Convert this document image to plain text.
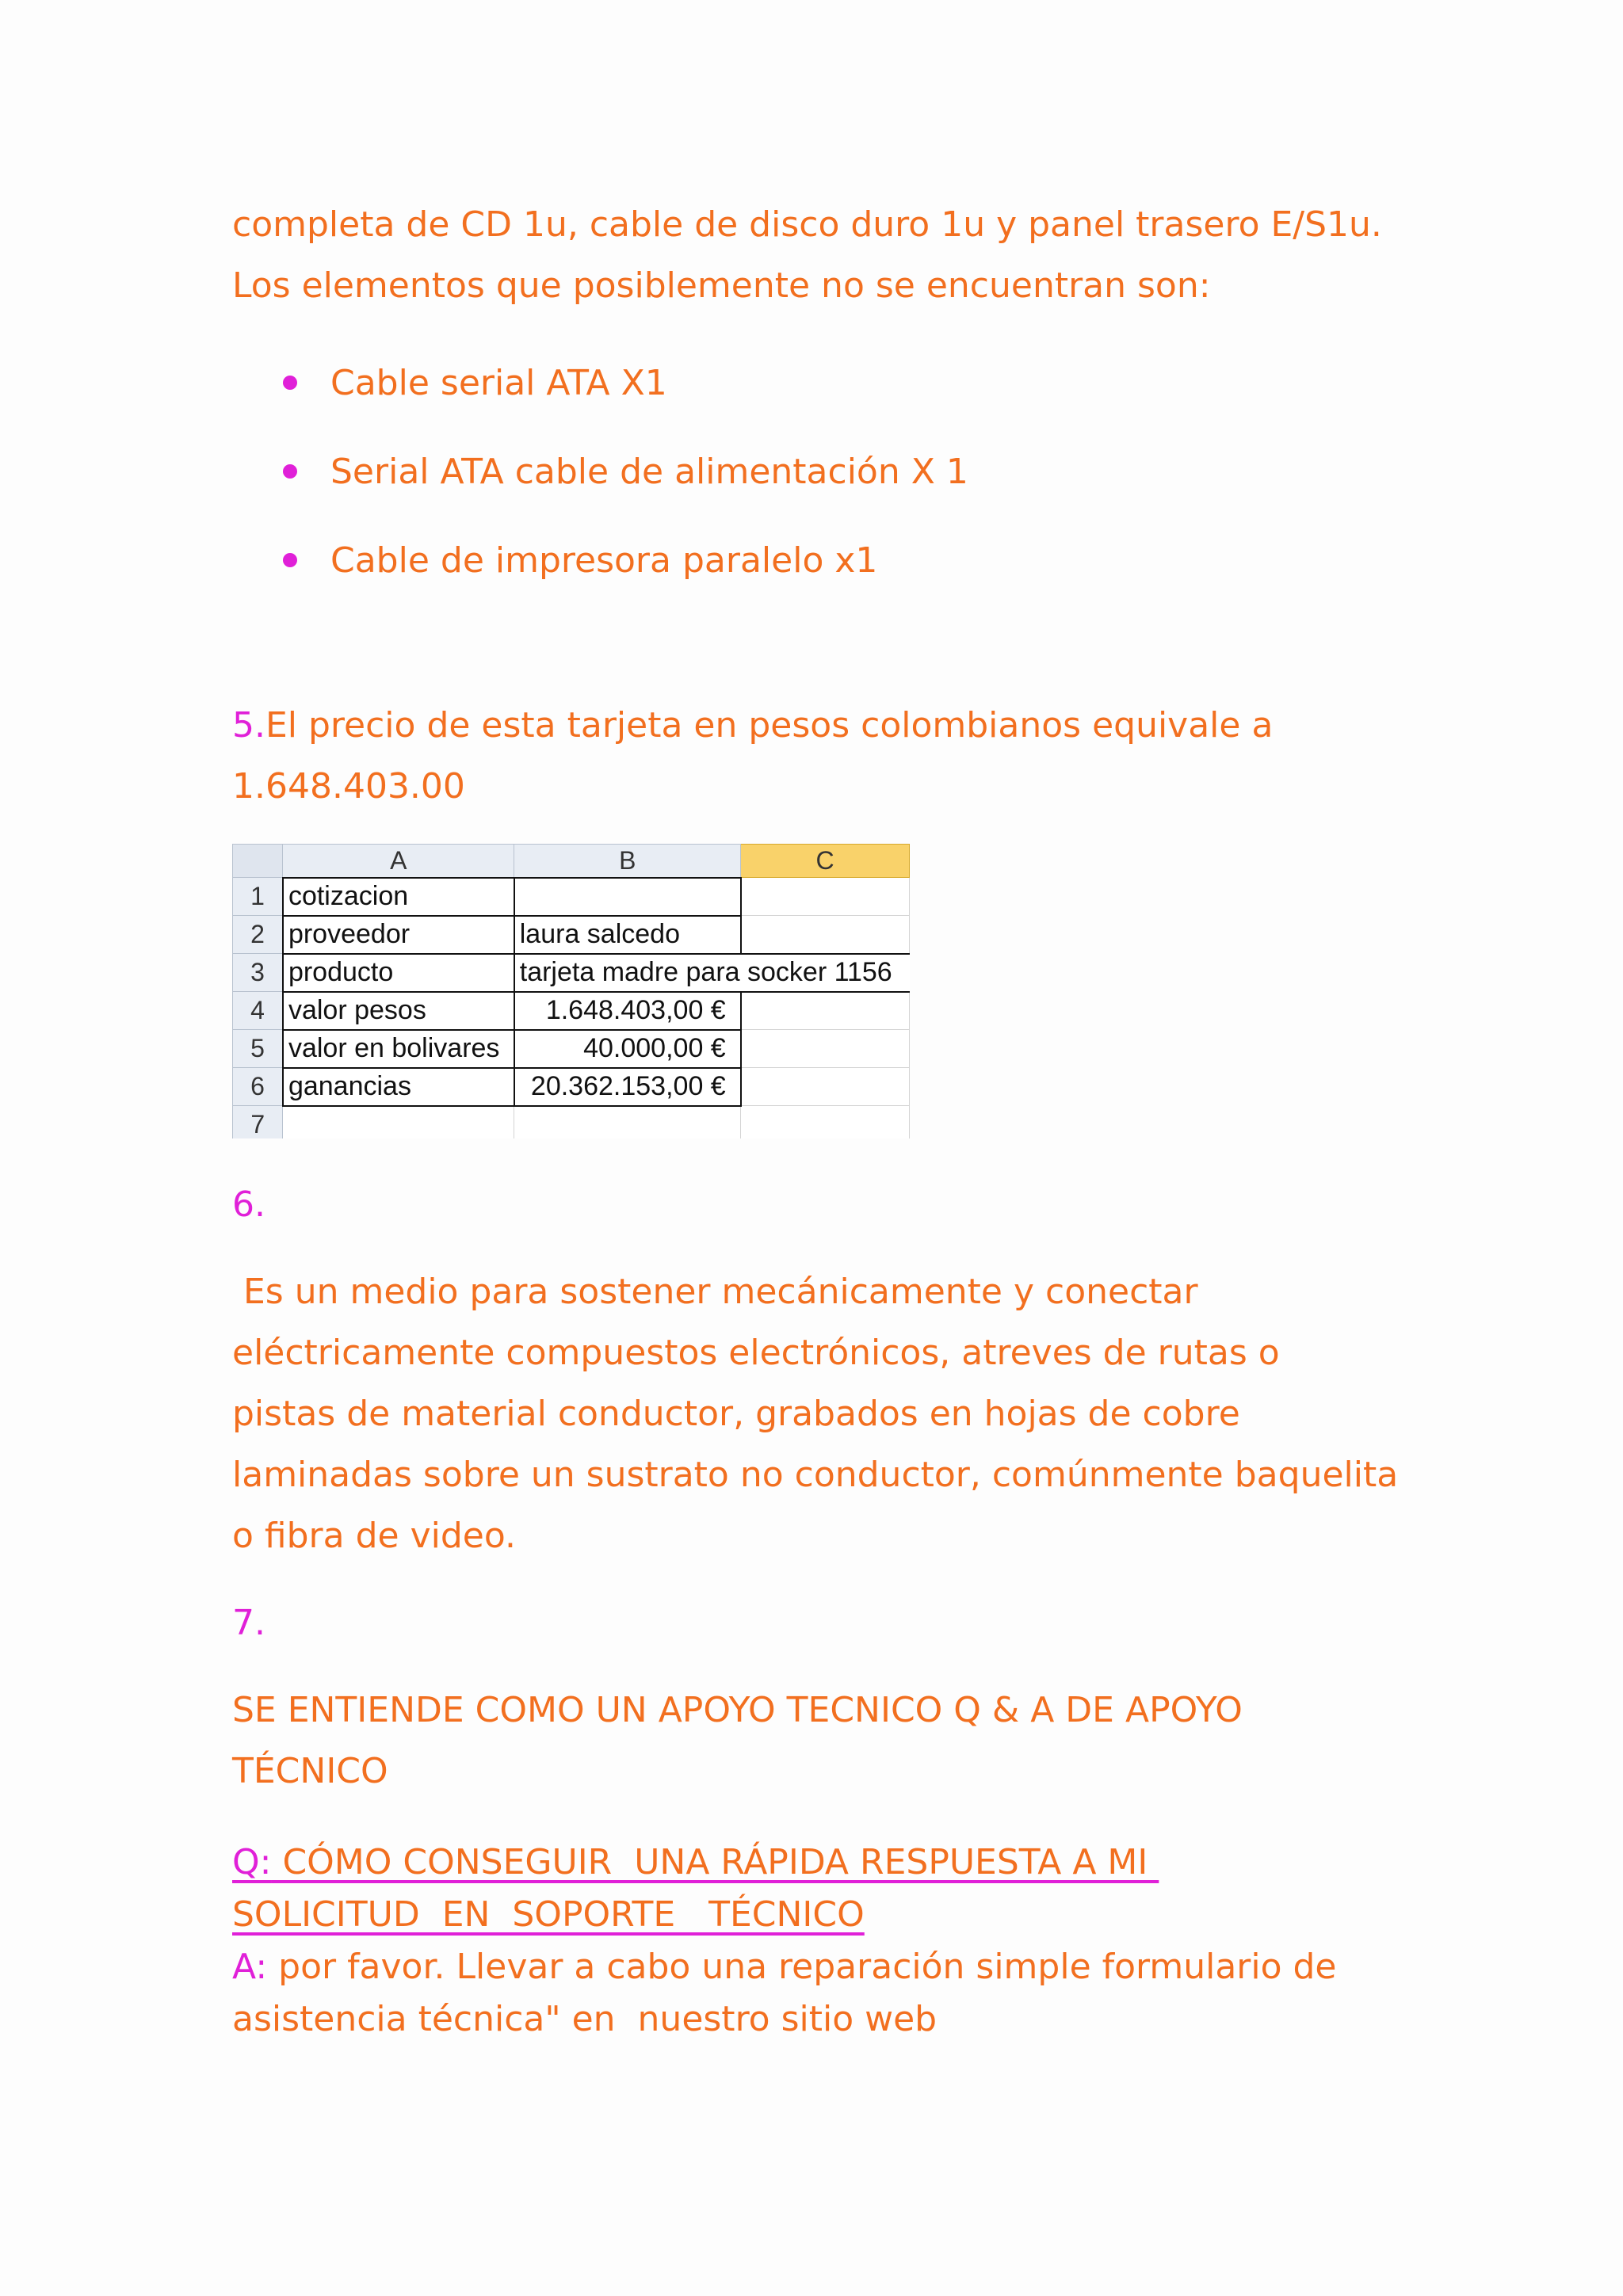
completa de CD 1u, cable de disco duro 1u y panel trasero E/S1u.
Los elementos que posiblemente no se encuentran son:
Cable serial ATA X1
Serial ATA cable de alimentación X 1
Cable de impresora paralelo x1
5.El precio de esta tarjeta en pesos colombianos equivale a
1.648.403.00
	A	B	C
1	cotizacion		
2	proveedor	laura salcedo	
3	producto	tarjeta madre para socker 1156	
4	valor pesos	1.648.403,00 €	
5	valor en bolivares	40.000,00 €	
6	ganancias	20.362.153,00 €	
7			
6.
Es un medio para sostener mecánicamente y conectar
eléctricamente compuestos electrónicos, atreves de rutas o
pistas de material conductor, grabados en hojas de cobre
laminadas sobre un sustrato no conductor, comúnmente baquelita
o fibra de video.
7.
SE ENTIENDE COMO UN APOYO TECNICO Q & A DE APOYO
TÉCNICO
Q: CÓMO CONSEGUIR  UNA RÁPIDA RESPUESTA A MI
SOLICITUD  EN  SOPORTE   TÉCNICO
A: por favor. Llevar a cabo una reparación simple formulario de
asistencia técnica" en  nuestro sitio web
